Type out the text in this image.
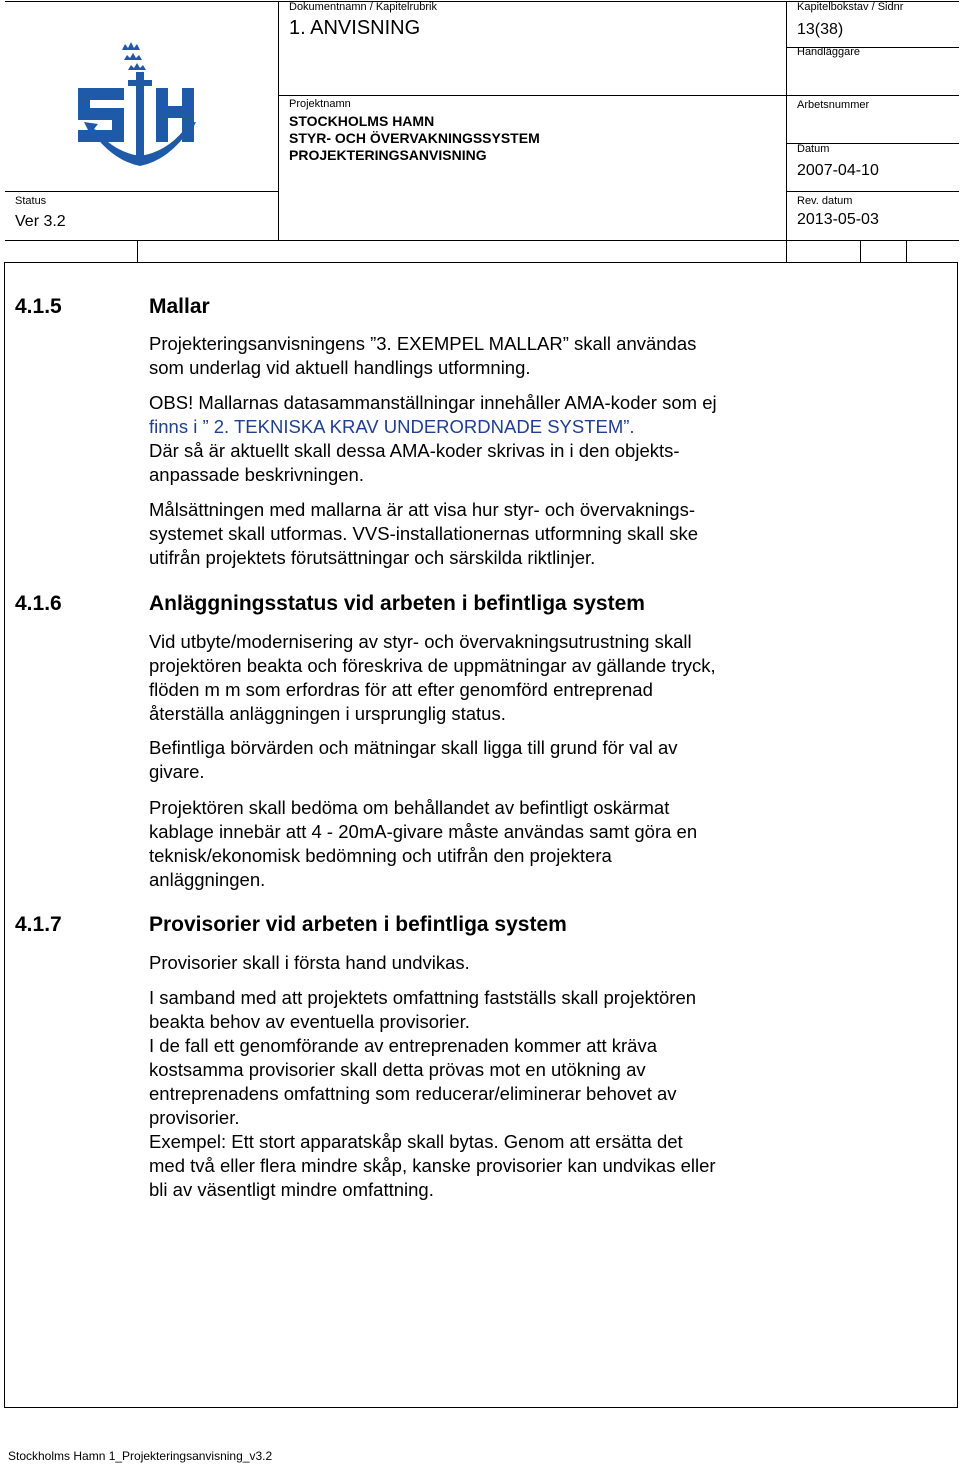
Dokumentnamn / Kapitelrubrik
1. ANVISNING
Kapitelbokstav / Sidnr
13(38)
Handläggare
Projektnamn
STOCKHOLMS HAMN
STYR- OCH ÖVERVAKNINGSSYSTEM
PROJEKTERINGSANVISNING
Arbetsnummer
Datum
2007-04-10
Status
Ver 3.2
Rev. datum
2013-05-03
4.1.5	Mallar
Projekteringsanvisningens ”3. EXEMPEL MALLAR” skall användas
som underlag vid aktuell handlings utformning.
OBS! Mallarnas datasammanställningar innehåller AMA-koder som ej
finns i ” 2. TEKNISKA KRAV UNDERORDNADE SYSTEM”.
Där så är aktuellt skall dessa AMA-koder skrivas in i den objekts-
anpassade beskrivningen.
Målsättningen med mallarna är att visa hur styr- och övervaknings-
systemet skall utformas. VVS-installationernas utformning skall ske
utifrån projektets förutsättningar och särskilda riktlinjer.
4.1.6	Anläggningsstatus vid arbeten i befintliga system
Vid utbyte/modernisering av styr- och övervakningsutrustning skall
projektören beakta och föreskriva de uppmätningar av gällande tryck,
flöden m m som erfordras för att efter genomförd entreprenad
återställa anläggningen i ursprunglig status.
Befintliga börvärden och mätningar skall ligga till grund för val av
givare.
Projektören skall bedöma om behållandet av befintligt oskärmat
kablage innebär att 4 - 20mA-givare måste användas samt göra en
teknisk/ekonomisk bedömning och utifrån den projektera
anläggningen.
4.1.7	Provisorier vid arbeten i befintliga system
Provisorier skall i första hand undvikas.
I samband med att projektets omfattning fastställs skall projektören
beakta behov av eventuella provisorier.
I de fall ett genomförande av entreprenaden kommer att kräva
kostsamma provisorier skall detta prövas mot en utökning av
entreprenadens omfattning som reducerar/eliminerar behovet av
provisorier.
Exempel: Ett stort apparatskåp skall bytas. Genom att ersätta det
med två eller flera mindre skåp, kanske provisorier kan undvikas eller
bli av väsentligt mindre omfattning.
Stockholms Hamn 1_Projekteringsanvisning_v3.2
